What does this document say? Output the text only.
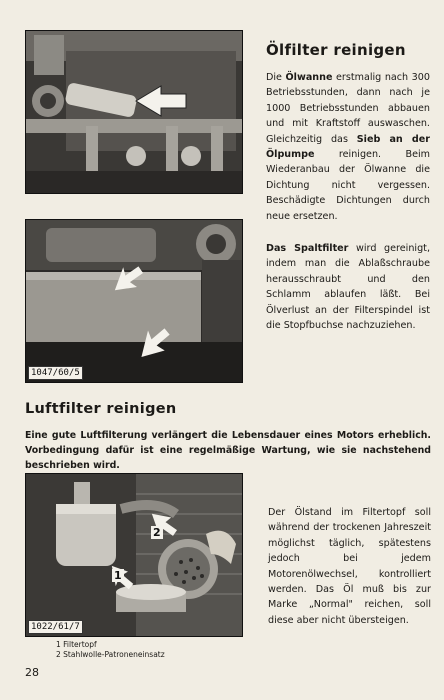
Ölfilter reinigen

Die Ölwanne erstmalig nach 300 Betriebsstunden, dann nach je 1000 Betriebsstunden abbauen und mit Kraftstoff auswaschen. Gleichzeitig das Sieb an der Ölpumpe reinigen. Beim Wiederanbau der Ölwanne die Dichtung nicht vergessen. Beschädigte Dichtungen durch neue ersetzen.

1047/60/5

Das Spaltfilter wird gereinigt, indem man die Ablaßschraube herausschraubt und den Schlamm ablaufen läßt. Bei Ölverlust an der Filterspindel ist die Stopfbuchse nachzuziehen.

Luftfilter reinigen

Eine gute Luftfilterung verlängert die Lebensdauer eines Motors erheblich. Vorbedingung dafür ist eine regelmäßige Wartung, wie sie nachstehend beschrieben wird.

1
2
1022/61/7

Der Ölstand im Filtertopf soll während der trockenen Jahreszeit möglichst täglich, spätestens jedoch bei jedem Motorenölwechsel, kontrolliert werden. Das Öl muß bis zur Marke „Normal" reichen, soll diese aber nicht übersteigen.

1 Filtertopf
2 Stahlwolle-Patroneneinsatz
28
